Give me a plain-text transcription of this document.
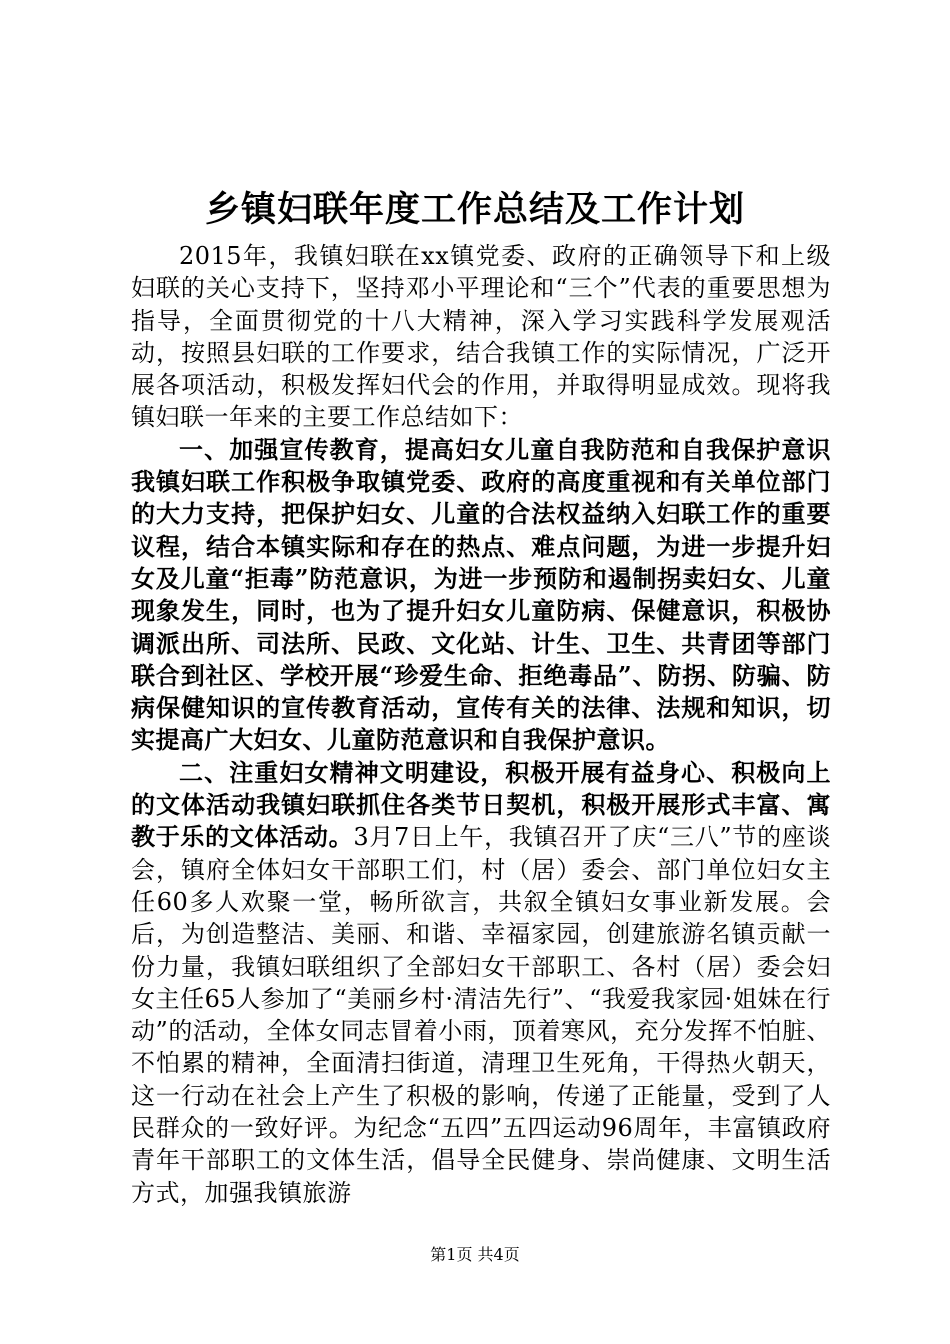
乡镇妇联年度工作总结及工作计划

2015年，我镇妇联在xx镇党委、政府的正确领导下和上级妇联的关心支持下，坚持邓小平理论和“三个”代表的重要思想为指导，全面贯彻党的十八大精神，深入学习实践科学发展观活动，按照县妇联的工作要求，结合我镇工作的实际情况，广泛开展各项活动，积极发挥妇代会的作用，并取得明显成效。现将我镇妇联一年来的主要工作总结如下：

一、加强宣传教育，提高妇女儿童自我防范和自我保护意识我镇妇联工作积极争取镇党委、政府的高度重视和有关单位部门的大力支持，把保护妇女、儿童的合法权益纳入妇联工作的重要议程，结合本镇实际和存在的热点、难点问题，为进一步提升妇女及儿童“拒毒”防范意识，为进一步预防和遏制拐卖妇女、儿童现象发生，同时，也为了提升妇女儿童防病、保健意识，积极协调派出所、司法所、民政、文化站、计生、卫生、共青团等部门联合到社区、学校开展“珍爱生命、拒绝毒品”、防拐、防骗、防病保健知识的宣传教育活动，宣传有关的法律、法规和知识，切实提高广大妇女、儿童防范意识和自我保护意识。

二、注重妇女精神文明建设，积极开展有益身心、积极向上的文体活动我镇妇联抓住各类节日契机，积极开展形式丰富、寓教于乐的文体活动。3月7日上午，我镇召开了庆“三八”节的座谈会，镇府全体妇女干部职工们，村（居）委会、部门单位妇女主任60多人欢聚一堂，畅所欲言，共叙全镇妇女事业新发展。会后，为创造整洁、美丽、和谐、幸福家园，创建旅游名镇贡献一份力量，我镇妇联组织了全部妇女干部职工、各村（居）委会妇女主任65人参加了“美丽乡村·清洁先行”、“我爱我家园·姐妹在行动”的活动，全体女同志冒着小雨，顶着寒风，充分发挥不怕脏、不怕累的精神，全面清扫街道，清理卫生死角，干得热火朝天，这一行动在社会上产生了积极的影响，传递了正能量，受到了人民群众的一致好评。为纪念“五四”五四运动96周年，丰富镇政府青年干部职工的文体生活，倡导全民健身、崇尚健康、文明生活方式，加强我镇旅游

第1页 共4页
